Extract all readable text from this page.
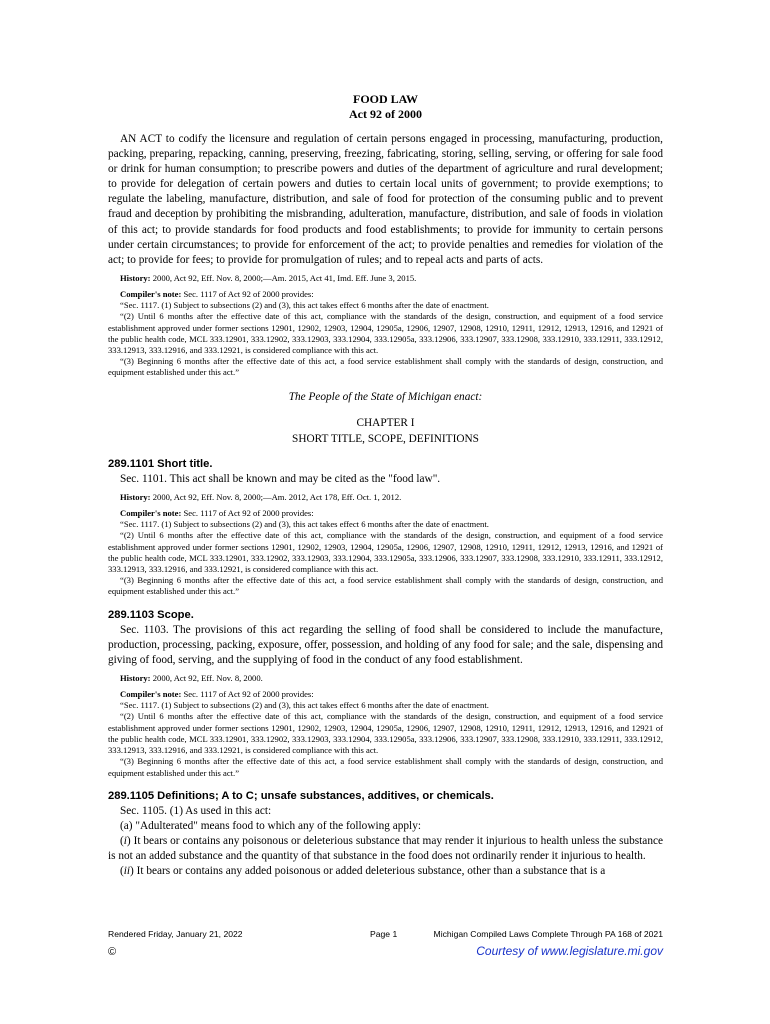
FOOD LAW
Act 92 of 2000
AN ACT to codify the licensure and regulation of certain persons engaged in processing, manufacturing, production, packing, preparing, repacking, canning, preserving, freezing, fabricating, storing, selling, serving, or offering for sale food or drink for human consumption; to prescribe powers and duties of the department of agriculture and rural development; to provide for delegation of certain powers and duties to certain local units of government; to provide exemptions; to regulate the labeling, manufacture, distribution, and sale of food for protection of the consuming public and to prevent fraud and deception by prohibiting the misbranding, adulteration, manufacture, distribution, and sale of foods in violation of this act; to provide standards for food products and food establishments; to provide for immunity to certain persons under certain circumstances; to provide for enforcement of the act; to provide penalties and remedies for violation of the act; to provide for fees; to provide for promulgation of rules; and to repeal acts and parts of acts.
History: 2000, Act 92, Eff. Nov. 8, 2000;—Am. 2015, Act 41, Imd. Eff. June 3, 2015.
Compiler's note: Sec. 1117 of Act 92 of 2000 provides:
“Sec. 1117. (1) Subject to subsections (2) and (3), this act takes effect 6 months after the date of enactment.
“(2) Until 6 months after the effective date of this act, compliance with the standards of the design, construction, and equipment of a food service establishment approved under former sections 12901, 12902, 12903, 12904, 12905a, 12906, 12907, 12908, 12910, 12911, 12912, 12913, 12916, and 12921 of the public health code, MCL 333.12901, 333.12902, 333.12903, 333.12904, 333.12905a, 333.12906, 333.12907, 333.12908, 333.12910, 333.12911, 333.12912, 333.12913, 333.12916, and 333.12921, is considered compliance with this act.
“(3) Beginning 6 months after the effective date of this act, a food service establishment shall comply with the standards of design, construction, and equipment established under this act.”
The People of the State of Michigan enact:
CHAPTER I
SHORT TITLE, SCOPE, DEFINITIONS
289.1101 Short title.
Sec. 1101. This act shall be known and may be cited as the "food law".
History: 2000, Act 92, Eff. Nov. 8, 2000;—Am. 2012, Act 178, Eff. Oct. 1, 2012.
Compiler's note: Sec. 1117 of Act 92 of 2000 provides:
“Sec. 1117. (1) Subject to subsections (2) and (3), this act takes effect 6 months after the date of enactment.
“(2) Until 6 months after the effective date of this act, compliance with the standards of the design, construction, and equipment of a food service establishment approved under former sections 12901, 12902, 12903, 12904, 12905a, 12906, 12907, 12908, 12910, 12911, 12912, 12913, 12916, and 12921 of the public health code, MCL 333.12901, 333.12902, 333.12903, 333.12904, 333.12905a, 333.12906, 333.12907, 333.12908, 333.12910, 333.12911, 333.12912, 333.12913, 333.12916, and 333.12921, is considered compliance with this act.
“(3) Beginning 6 months after the effective date of this act, a food service establishment shall comply with the standards of design, construction, and equipment established under this act.”
289.1103 Scope.
Sec. 1103. The provisions of this act regarding the selling of food shall be considered to include the manufacture, production, processing, packing, exposure, offer, possession, and holding of any food for sale; and the sale, dispensing and giving of food, serving, and the supplying of food in the conduct of any food establishment.
History: 2000, Act 92, Eff. Nov. 8, 2000.
Compiler's note: Sec. 1117 of Act 92 of 2000 provides:
“Sec. 1117. (1) Subject to subsections (2) and (3), this act takes effect 6 months after the date of enactment.
“(2) Until 6 months after the effective date of this act, compliance with the standards of the design, construction, and equipment of a food service establishment approved under former sections 12901, 12902, 12903, 12904, 12905a, 12906, 12907, 12908, 12910, 12911, 12912, 12913, 12916, and 12921 of the public health code, MCL 333.12901, 333.12902, 333.12903, 333.12904, 333.12905a, 333.12906, 333.12907, 333.12908, 333.12910, 333.12911, 333.12912, 333.12913, 333.12916, and 333.12921, is considered compliance with this act.
“(3) Beginning 6 months after the effective date of this act, a food service establishment shall comply with the standards of design, construction, and equipment established under this act.”
289.1105 Definitions; A to C; unsafe substances, additives, or chemicals.

Sec. 1105. (1) As used in this act:

(a) "Adulterated" means food to which any of the following apply:

(i) It bears or contains any poisonous or deleterious substance that may render it injurious to health unless the substance is not an added substance and the quantity of that substance in the food does not ordinarily render it injurious to health.

(ii) It bears or contains any added poisonous or added deleterious substance, other than a substance that is a

Rendered Friday, January 21, 2022	Page 1	Michigan Compiled Laws Complete Through PA 168 of 2021
©	Courtesy of www.legislature.mi.gov
